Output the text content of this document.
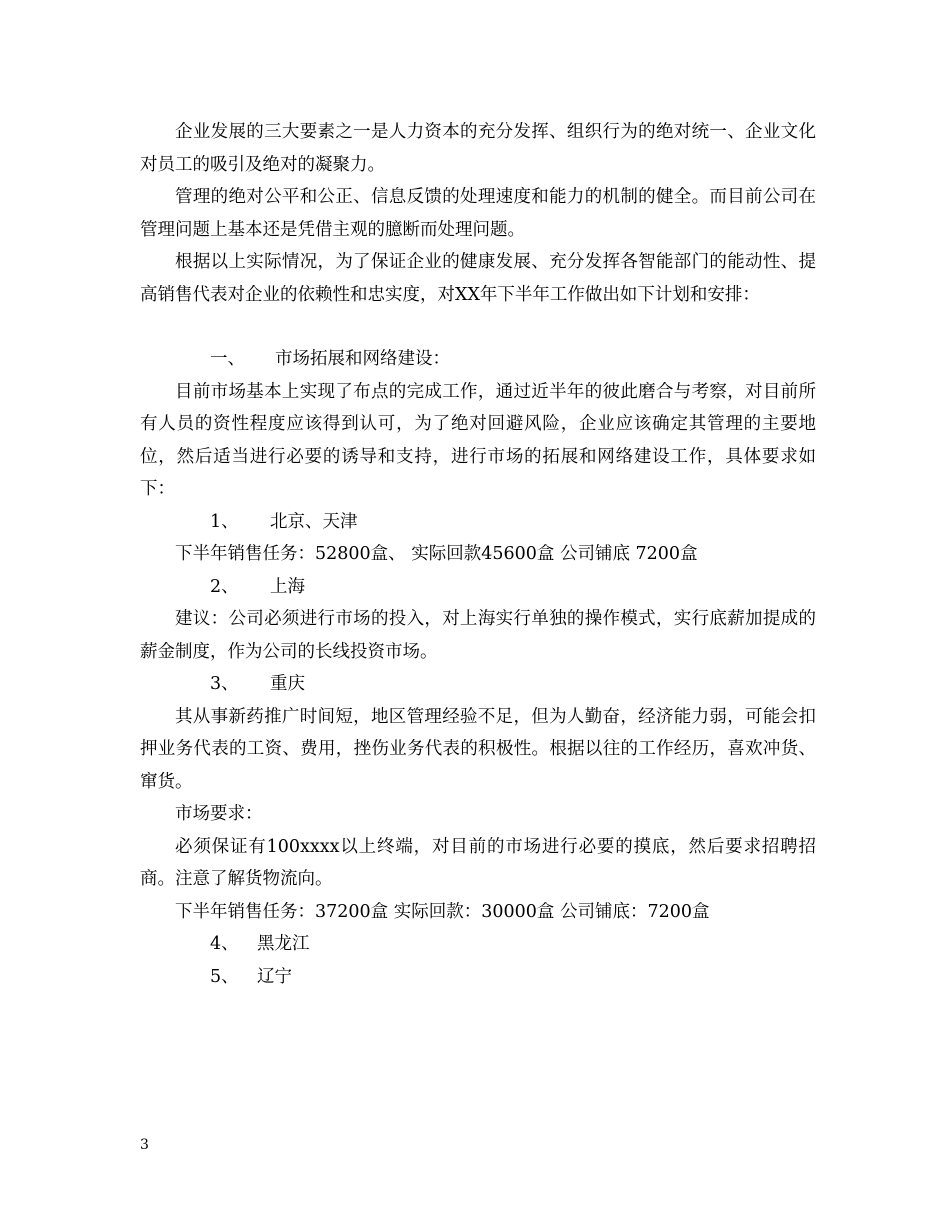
企业发展的三大要素之一是人力资本的充分发挥、组织行为的绝对统一、企业文化对员工的吸引及绝对的凝聚力。

管理的绝对公平和公正、信息反馈的处理速度和能力的机制的健全。而目前公司在管理问题上基本还是凭借主观的臆断而处理问题。

根据以上实际情况，为了保证企业的健康发展、充分发挥各智能部门的能动性、提高销售代表对企业的依赖性和忠实度，对XX年下半年工作做出如下计划和安排：

一、 市场拓展和网络建设：

目前市场基本上实现了布点的完成工作，通过近半年的彼此磨合与考察，对目前所有人员的资性程度应该得到认可，为了绝对回避风险，企业应该确定其管理的主要地位，然后适当进行必要的诱导和支持，进行市场的拓展和网络建设工作，具体要求如下：

1、 北京、天津

下半年销售任务：52800盒、 实际回款45600盒 公司铺底 7200盒

2、 上海

建议：公司必须进行市场的投入，对上海实行单独的操作模式，实行底薪加提成的薪金制度，作为公司的长线投资市场。

3、 重庆

其从事新药推广时间短，地区管理经验不足，但为人勤奋，经济能力弱，可能会扣押业务代表的工资、费用，挫伤业务代表的积极性。根据以往的工作经历，喜欢冲货、窜货。

市场要求：

必须保证有100xxxx以上终端，对目前的市场进行必要的摸底，然后要求招聘招商。注意了解货物流向。

下半年销售任务：37200盒 实际回款：30000盒 公司铺底：7200盒

4、 黑龙江

5、 辽宁

3
